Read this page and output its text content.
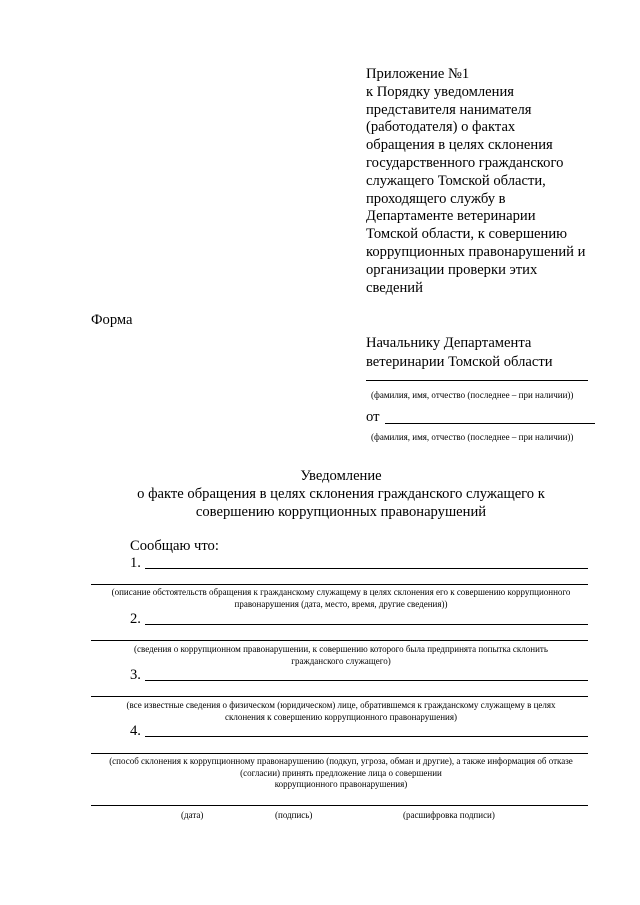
Приложение №1
к Порядку уведомления
представителя нанимателя
(работодателя) о фактах
обращения в целях склонения
государственного гражданского
служащего Томской области,
проходящего службу в
Департаменте ветеринарии
Томской области, к совершению
коррупционных правонарушений и
организации проверки этих
сведений
Форма
Начальнику Департамента
ветеринарии Томской области
(фамилия, имя, отчество (последнее – при наличии))
от
(фамилия, имя, отчество (последнее – при наличии))
Уведомление
о факте обращения в целях склонения гражданского служащего к
совершению коррупционных правонарушений
Сообщаю что:
1.
(описание обстоятельств обращения к гражданскому служащему в целях склонения его к совершению коррупционного
правонарушения (дата, место, время, другие сведения))
2.
(сведения о коррупционном правонарушении, к совершению которого была предпринята попытка склонить
гражданского служащего)
3.
(все известные сведения о физическом (юридическом) лице, обратившемся к гражданскому служащему в целях
склонения к совершению коррупционного правонарушения)
4.
(способ склонения к коррупционному правонарушению (подкуп, угроза, обман и другие), а также информация об отказе
(согласии) принять предложение лица о совершении
коррупционного правонарушения)
(дата)	(подпись)	(расшифровка подписи)
